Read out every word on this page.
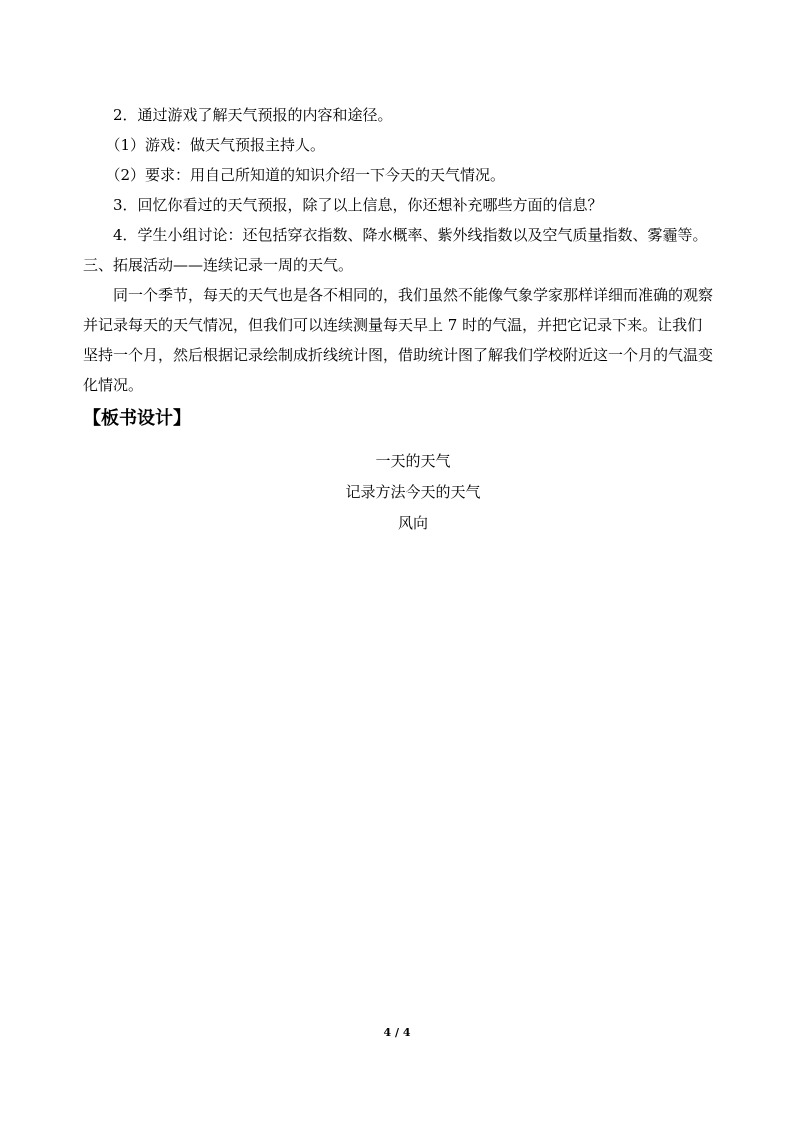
2．通过游戏了解天气预报的内容和途径。

（1）游戏：做天气预报主持人。

（2）要求：用自己所知道的知识介绍一下今天的天气情况。

3．回忆你看过的天气预报，除了以上信息，你还想补充哪些方面的信息？

4．学生小组讨论：还包括穿衣指数、降水概率、紫外线指数以及空气质量指数、雾霾等。

三、拓展活动——连续记录一周的天气。

同一个季节，每天的天气也是各不相同的，我们虽然不能像气象学家那样详细而准确的观察并记录每天的天气情况，但我们可以连续测量每天早上 7 时的气温，并把它记录下来。让我们坚持一个月，然后根据记录绘制成折线统计图，借助统计图了解我们学校附近这一个月的气温变化情况。

【板书设计】

一天的天气

记录方法今天的天气

风向

4 / 4
